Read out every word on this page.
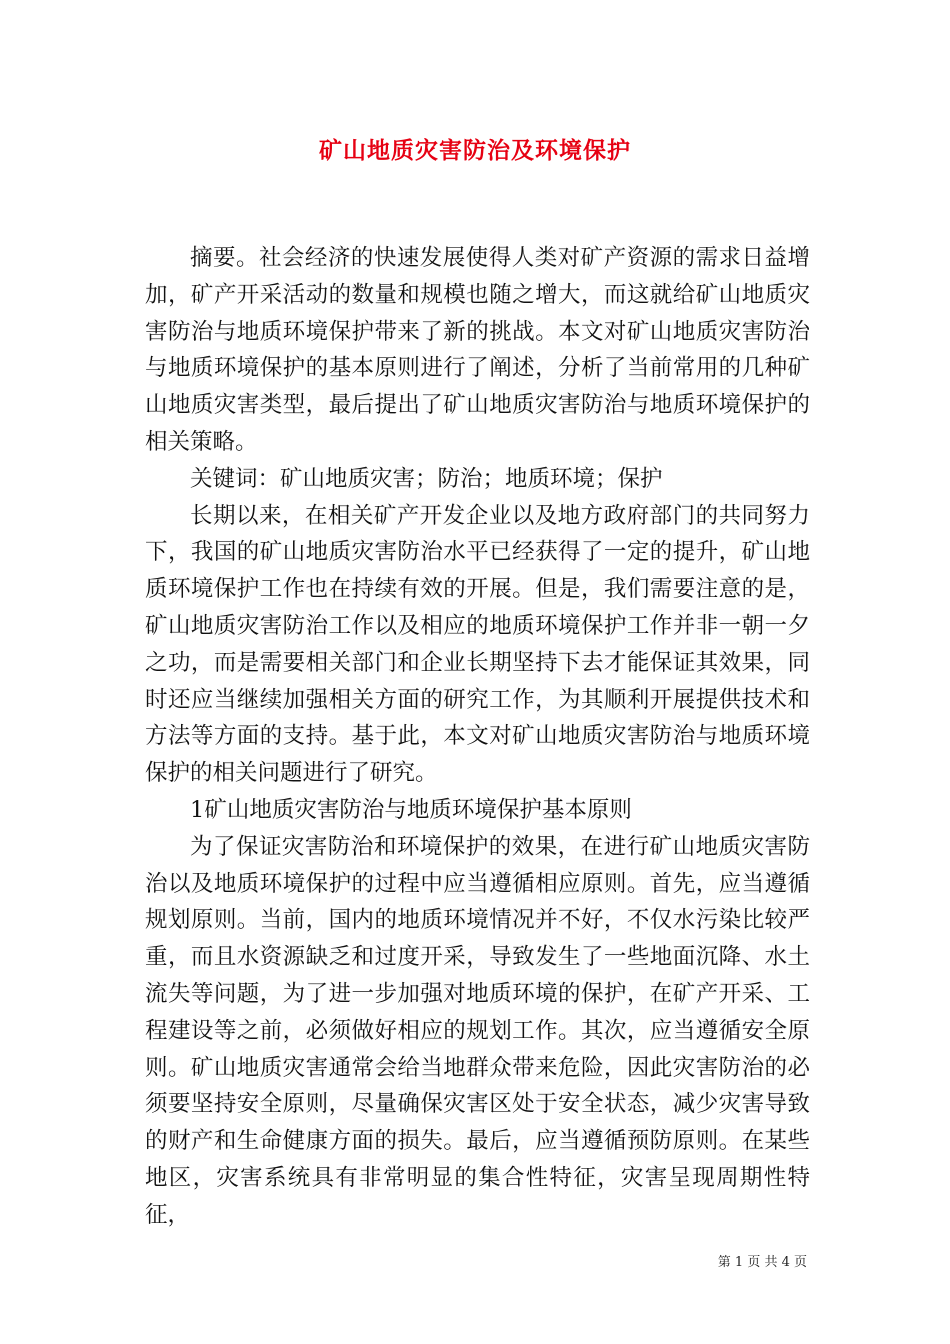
矿山地质灾害防治及环境保护

摘要。社会经济的快速发展使得人类对矿产资源的需求日益增加，矿产开采活动的数量和规模也随之增大，而这就给矿山地质灾害防治与地质环境保护带来了新的挑战。本文对矿山地质灾害防治与地质环境保护的基本原则进行了阐述，分析了当前常用的几种矿山地质灾害类型，最后提出了矿山地质灾害防治与地质环境保护的相关策略。

关键词：矿山地质灾害；防治；地质环境；保护

长期以来，在相关矿产开发企业以及地方政府部门的共同努力下，我国的矿山地质灾害防治水平已经获得了一定的提升，矿山地质环境保护工作也在持续有效的开展。但是，我们需要注意的是，矿山地质灾害防治工作以及相应的地质环境保护工作并非一朝一夕之功，而是需要相关部门和企业长期坚持下去才能保证其效果，同时还应当继续加强相关方面的研究工作，为其顺利开展提供技术和方法等方面的支持。基于此，本文对矿山地质灾害防治与地质环境保护的相关问题进行了研究。

1矿山地质灾害防治与地质环境保护基本原则

为了保证灾害防治和环境保护的效果，在进行矿山地质灾害防治以及地质环境保护的过程中应当遵循相应原则。首先，应当遵循规划原则。当前，国内的地质环境情况并不好，不仅水污染比较严重，而且水资源缺乏和过度开采，导致发生了一些地面沉降、水土流失等问题，为了进一步加强对地质环境的保护，在矿产开采、工程建设等之前，必须做好相应的规划工作。其次，应当遵循安全原则。矿山地质灾害通常会给当地群众带来危险，因此灾害防治的必须要坚持安全原则，尽量确保灾害区处于安全状态，减少灾害导致的财产和生命健康方面的损失。最后，应当遵循预防原则。在某些地区，灾害系统具有非常明显的集合性特征，灾害呈现周期性特征，

第 1 页 共 4 页
